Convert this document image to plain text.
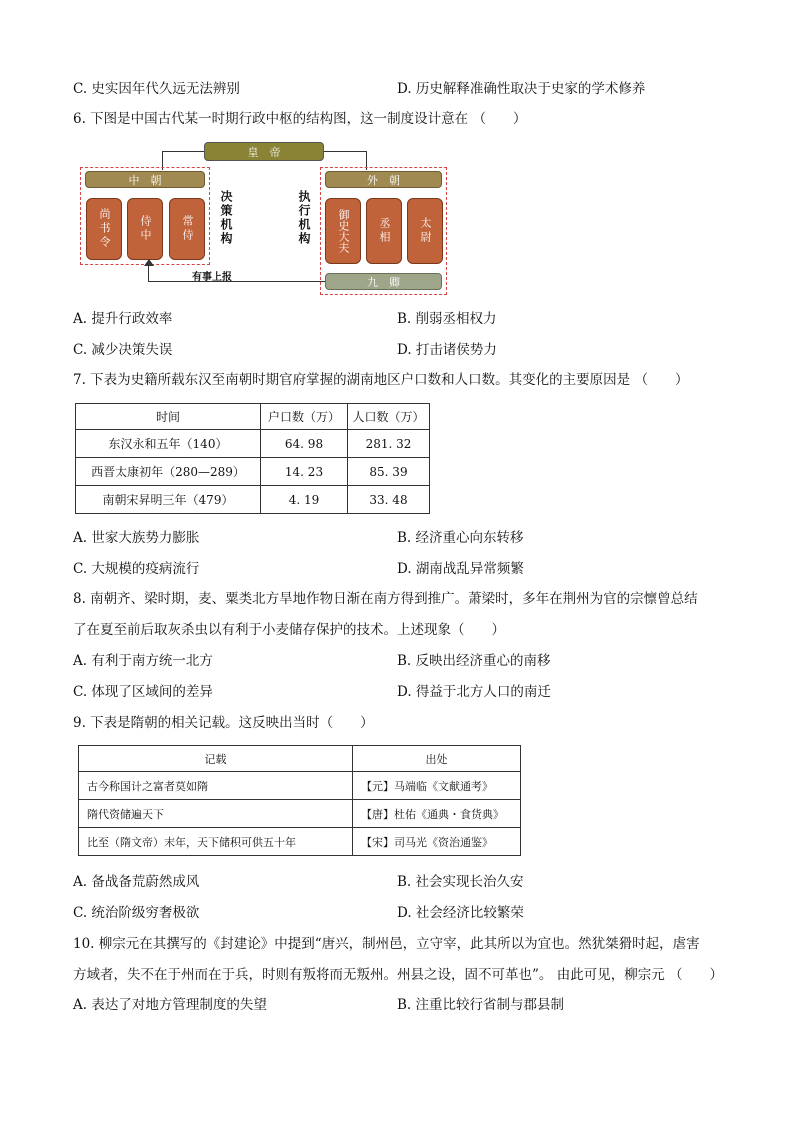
C. 史实因年代久远无法辨别	D. 历史解释准确性取决于史家的学术修养
6. 下图是中国古代某一时期行政中枢的结构图，这一制度设计意在 （　　）
皇　帝
中　朝
尚书令	侍中	常侍	决策机构	执行机构
外　朝
御史大夫	丞相	太尉
九　卿
有事上报
A. 提升行政效率	B. 削弱丞相权力
C. 减少决策失误	D. 打击诸侯势力
7. 下表为史籍所载东汉至南朝时期官府掌握的湖南地区户口数和人口数。其变化的主要原因是 （　　）
时间	户口数（万）	人口数（万）
东汉永和五年（140）	64. 98	281. 32
西晋太康初年（280—289）	14. 23	85. 39
南朝宋昇明三年（479）	4. 19	33. 48
A. 世家大族势力膨胀	B. 经济重心向东转移
C. 大规模的疫病流行	D. 湖南战乱异常频繁
8. 南朝齐、梁时期，麦、粟类北方旱地作物日渐在南方得到推广。萧梁时，多年在荆州为官的宗懔曾总结
了在夏至前后取灰杀虫以有利于小麦储存保护的技术。上述现象（　　）
A. 有利于南方统一北方	B. 反映出经济重心的南移
C. 体现了区域间的差异	D. 得益于北方人口的南迁
9. 下表是隋朝的相关记载。这反映出当时（　　）
记载	出处
古今称国计之富者莫如隋	【元】马端临《文献通考》
隋代资储遍天下	【唐】杜佑《通典・食货典》
比至（隋文帝）末年，天下储积可供五十年	【宋】司马光《资治通鉴》
A. 备战备荒蔚然成风	B. 社会实现长治久安
C. 统治阶级穷奢极欲	D. 社会经济比较繁荣
10. 柳宗元在其撰写的《封建论》中提到“唐兴，制州邑，立守宰，此其所以为宜也。然犹桀猾时起，虐害
方域者，失不在于州而在于兵，时则有叛将而无叛州。州县之设，固不可革也”。 由此可见，柳宗元 （　　）
A. 表达了对地方管理制度的失望	B. 注重比较行省制与郡县制
